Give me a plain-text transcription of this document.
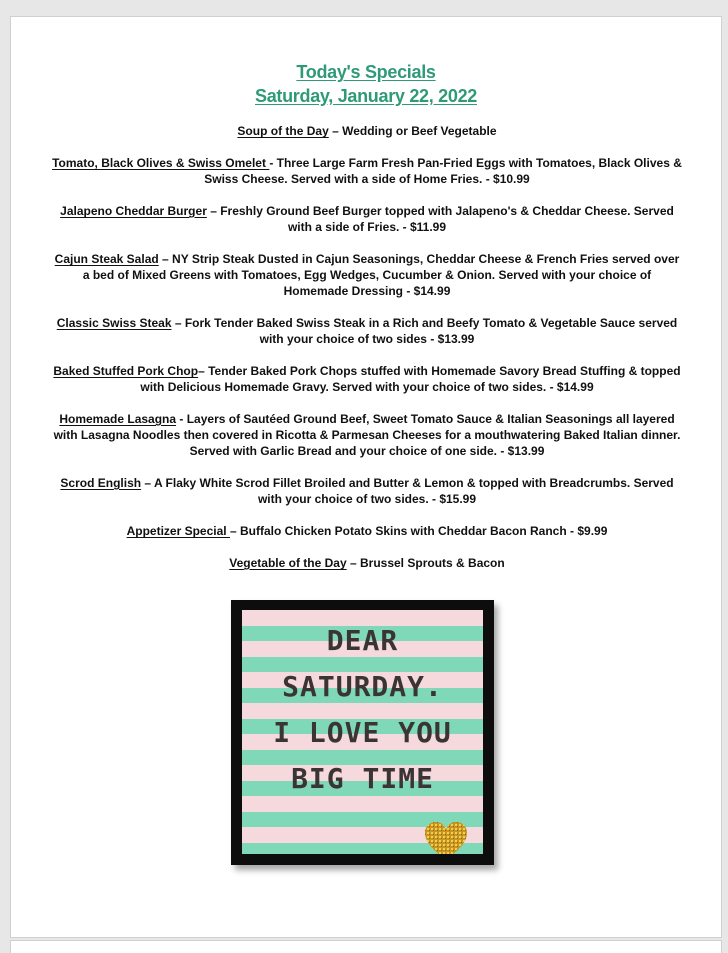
Today's Specials
Saturday, January 22, 2022

Soup of the Day – Wedding or Beef Vegetable

Tomato, Black Olives & Swiss Omelet - Three Large Farm Fresh Pan-Fried Eggs with Tomatoes, Black Olives & Swiss Cheese. Served with a side of Home Fries. - $10.99

Jalapeno Cheddar Burger – Freshly Ground Beef Burger topped with Jalapeno's & Cheddar Cheese. Served with a side of Fries. - $11.99

Cajun Steak Salad – NY Strip Steak Dusted in Cajun Seasonings, Cheddar Cheese & French Fries served over a bed of Mixed Greens with Tomatoes, Egg Wedges, Cucumber & Onion. Served with your choice of Homemade Dressing - $14.99

Classic Swiss Steak – Fork Tender Baked Swiss Steak in a Rich and Beefy Tomato & Vegetable Sauce served with your choice of two sides - $13.99

Baked Stuffed Pork Chop– Tender Baked Pork Chops stuffed with Homemade Savory Bread Stuffing & topped with Delicious Homemade Gravy. Served with your choice of two sides. - $14.99

Homemade Lasagna - Layers of Sautéed Ground Beef, Sweet Tomato Sauce & Italian Seasonings all layered with Lasagna Noodles then covered in Ricotta & Parmesan Cheeses for a mouthwatering Baked Italian dinner. Served with Garlic Bread and your choice of one side. - $13.99

Scrod English – A Flaky White Scrod Fillet Broiled and Butter & Lemon & topped with Breadcrumbs. Served with your choice of two sides. - $15.99

Appetizer Special – Buffalo Chicken Potato Skins with Cheddar Bacon Ranch - $9.99

Vegetable of the Day – Brussel Sprouts & Bacon

DEAR
SATURDAY.
I LOVE YOU
BIG TIME
